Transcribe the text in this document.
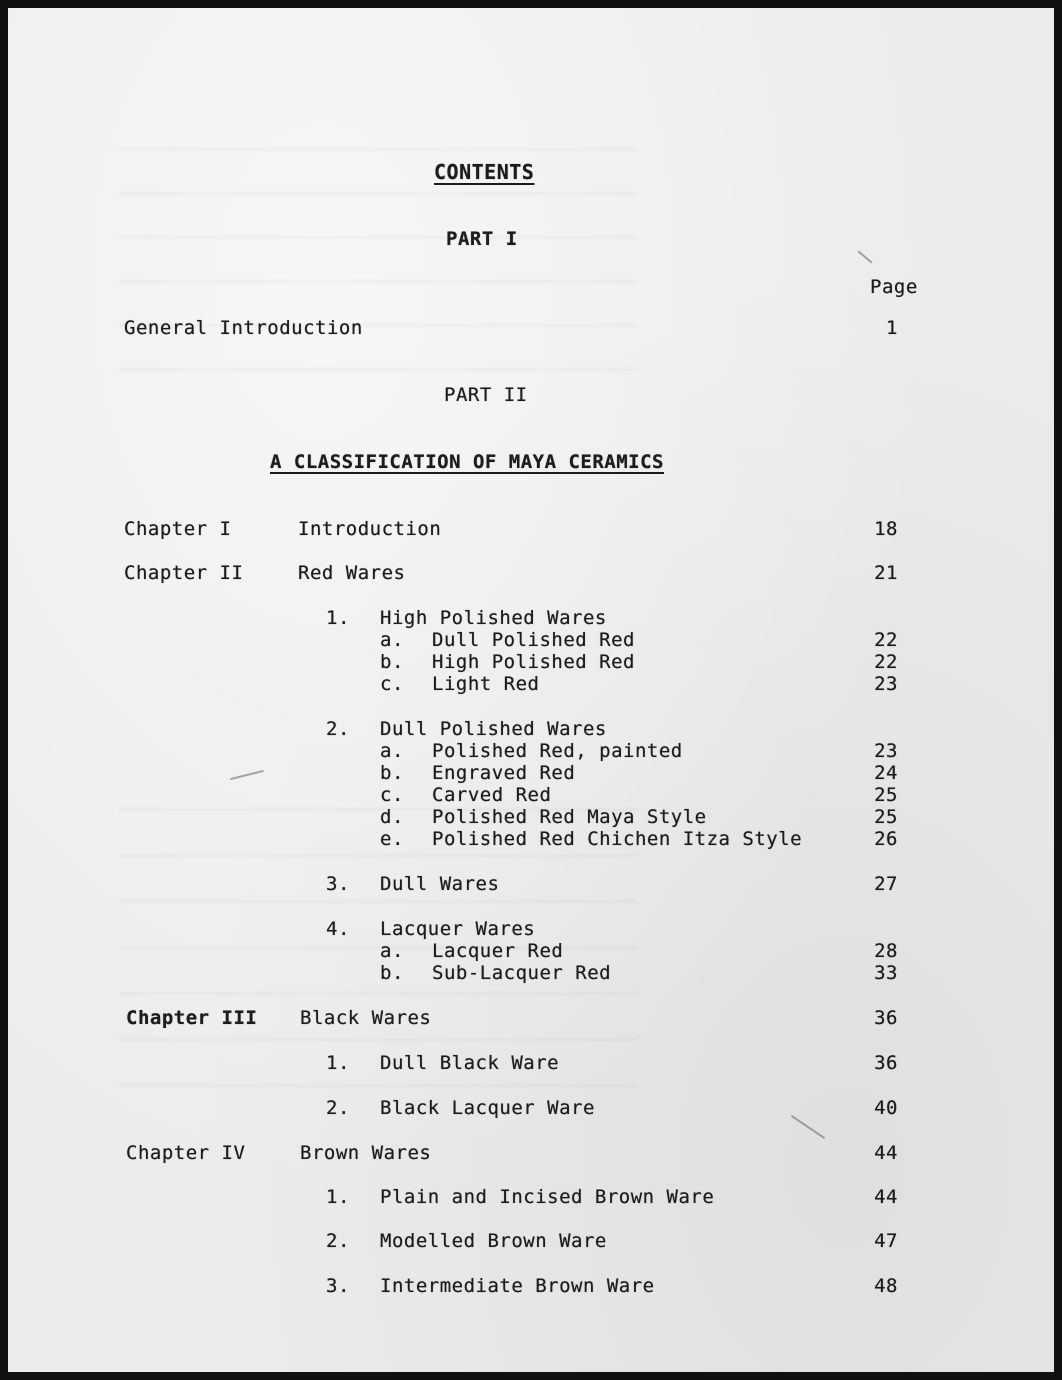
CONTENTS
PART I
Page
General Introduction	1
PART II
A CLASSIFICATION OF MAYA CERAMICS
Chapter I	Introduction	18
Chapter II	Red Wares	21
1. High Polished Wares
a. Dull Polished Red	22
b. High Polished Red	22
c. Light Red	23
2. Dull Polished Wares
a. Polished Red, painted	23
b. Engraved Red	24
c. Carved Red	25
d. Polished Red Maya Style	25
e. Polished Red Chichen Itza Style	26
3. Dull Wares	27
4. Lacquer Wares
a. Lacquer Red	28
b. Sub-Lacquer Red	33
Chapter III Black Wares	36
1. Dull Black Ware	36
2. Black Lacquer Ware	40
Chapter IV	Brown Wares	44
1. Plain and Incised Brown Ware	44
2. Modelled Brown Ware	47
3. Intermediate Brown Ware	48
